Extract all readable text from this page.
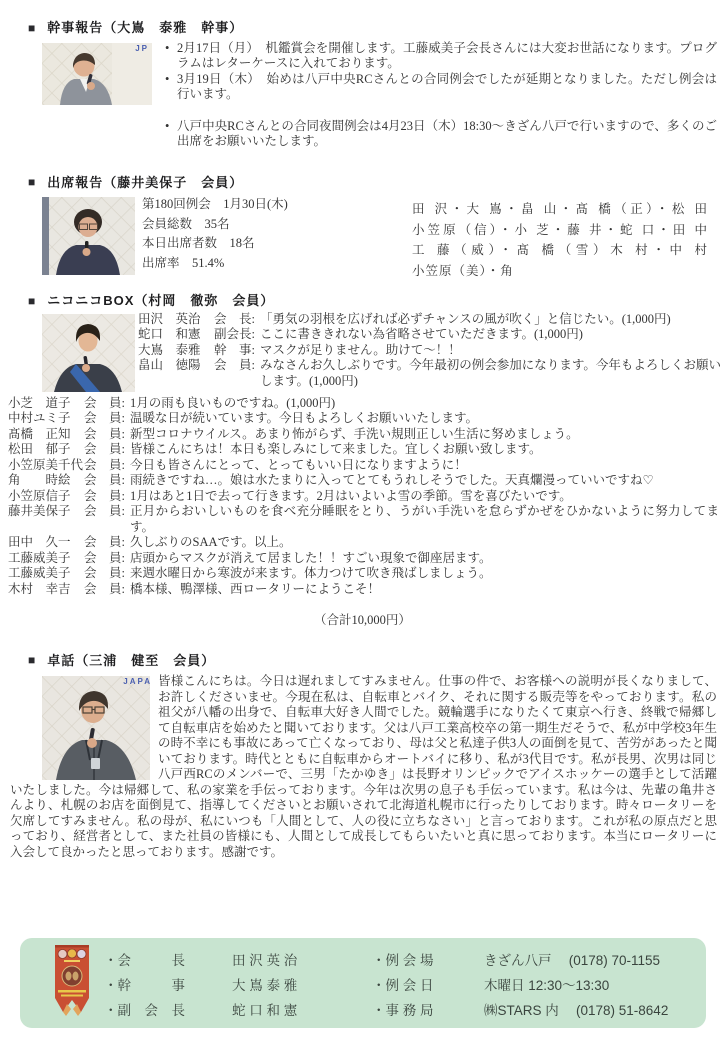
■ 幹事報告（大嶌　泰雅　幹事）
JP • 2月17日（月）　机鑑賞会を開催します。工藤威美子会長さんには大変お世話になります。プログラムはレターケースに入れております。
• 3月19日（木）　始めは八戸中央RCさんとの合同例会でしたが延期となりました。ただし例会は行います。
• 八戸中央RCさんとの合同夜間例会は4月23日（木）18:30～きざん八戸で行いますので、多くのご出席をお願いいたします。
■ 出席報告（藤井美保子　会員）
第180回例会　1月30日(木)
会員総数　35名
本日出席者数　18名
出席率　51.4%
田 沢・大 嶌・畠 山・髙 橋（正）・松 田
小笠原（信）・小 芝・藤 井・蛇 口・田 中
工 藤（威）・髙 橋（雪）木 村・中 村
小笠原（美）・角
■ ニコニコBOX（村岡　徹弥　会員）
田沢　英治	会　長: 「勇気の羽根を広げれば必ずチャンスの風が吹く」と信じたい。(1,000円)
蛇口　和憲	副会長: ここに書ききれない為省略させていただきます。(1,000円)
大嶌　泰雅	幹　事: マスクが足りません。助けて～！！
畠山　徳陽	会　員: みなさんお久しぶりです。今年最初の例会参加になります。今年もよろしくお願いします。(1,000円)
小芝　道子	会　員: 1月の雨も良いものですね。(1,000円)
中村ユミ子	会　員: 温暖な日が続いています。今日もよろしくお願いいたします。
髙橋　正知	会　員: 新型コロナウイルス。あまり怖がらず、手洗い規則正しい生活に努めましょう。
松田　郁子	会　員: 皆様こんにちは！本日も楽しみにして来ました。宜しくお願い致します。
小笠原美千代 会　員: 今日も皆さんにとって、とってもいい日になりますように！
角　　時絵	会　員: 雨続きですね…。娘は水たまりに入ってとてもうれしそうでした。天真爛漫っていいですね♡
小笠原信子	会　員: 1月はあと1日で去って行きます。2月はいよいよ雪の季節。雪を喜びたいです。
藤井美保子	会　員: 正月からおいしいものを食べ充分睡眠をとり、うがい手洗いを怠らずかぜをひかないように努力してます。
田中　久一	会　員: 久しぶりのSAAです。以上。
工藤威美子	会　員: 店頭からマスクが消えて居ました！！すごい現象で御座居ます。
工藤威美子	会　員: 来週水曜日から寒波が来ます。体力つけて吹き飛ばしましょう。
木村　幸吉	会　員: 橋本様、鴨澤様、西ロータリーにようこそ！
（合計10,000円）
■ 卓話（三浦　健至　会員）
JAPA 皆様こんにちは。今日は遅れましてすみません。仕事の件で、お客様への説明が長くなりまして、お許しくださいませ。今現在私は、自転車とバイク、それに関する販売等をやっております。私の祖父が八幡の出身で、自転車大好き人間でした。競輪選手になりたくて東京へ行き、終戦で帰郷して自転車店を始めたと聞いております。父は八戸工業高校卒の第一期生だそうで、私が中学校3年生の時不幸にも事故にあって亡くなっており、母は父と私達子供3人の面倒を見て、苦労があったと聞いております。時代とともに自転車からオートバイに移り、私が3代目です。私が長男、次男は同じ八戸西RCのメンバーで、三男「たかゆき」は長野オリンピックでアイスホッケーの選手として活躍いたしました。今は帰郷して、私の家業を手伝っております。今年は次男の息子も手伝っています。私は今は、先輩の亀井さんより、札幌のお店を面倒見て、指導してくださいとお願いされて北海道札幌市に行ったりしております。時々ロータリーを欠席してすみません。私の母が、私にいつも「人間として、人の役に立ちなさい」と言っております。これが私の原点だと思っており、経営者として、また社員の皆様にも、人間として成長してもらいたいと真に思っております。本当にロータリーに入会して良かったと思っております。感謝です。
・会　　　長	田 沢 英 治
・幹　　　事	大 嶌 泰 雅
・副　会　長	蛇 口 和 憲
・例 会 場	きざん八戸　 (0178) 70-1155
・例 会 日	木曜日 12:30～13:30
・事 務 局	㈱STARS 内　 (0178) 51-8642
